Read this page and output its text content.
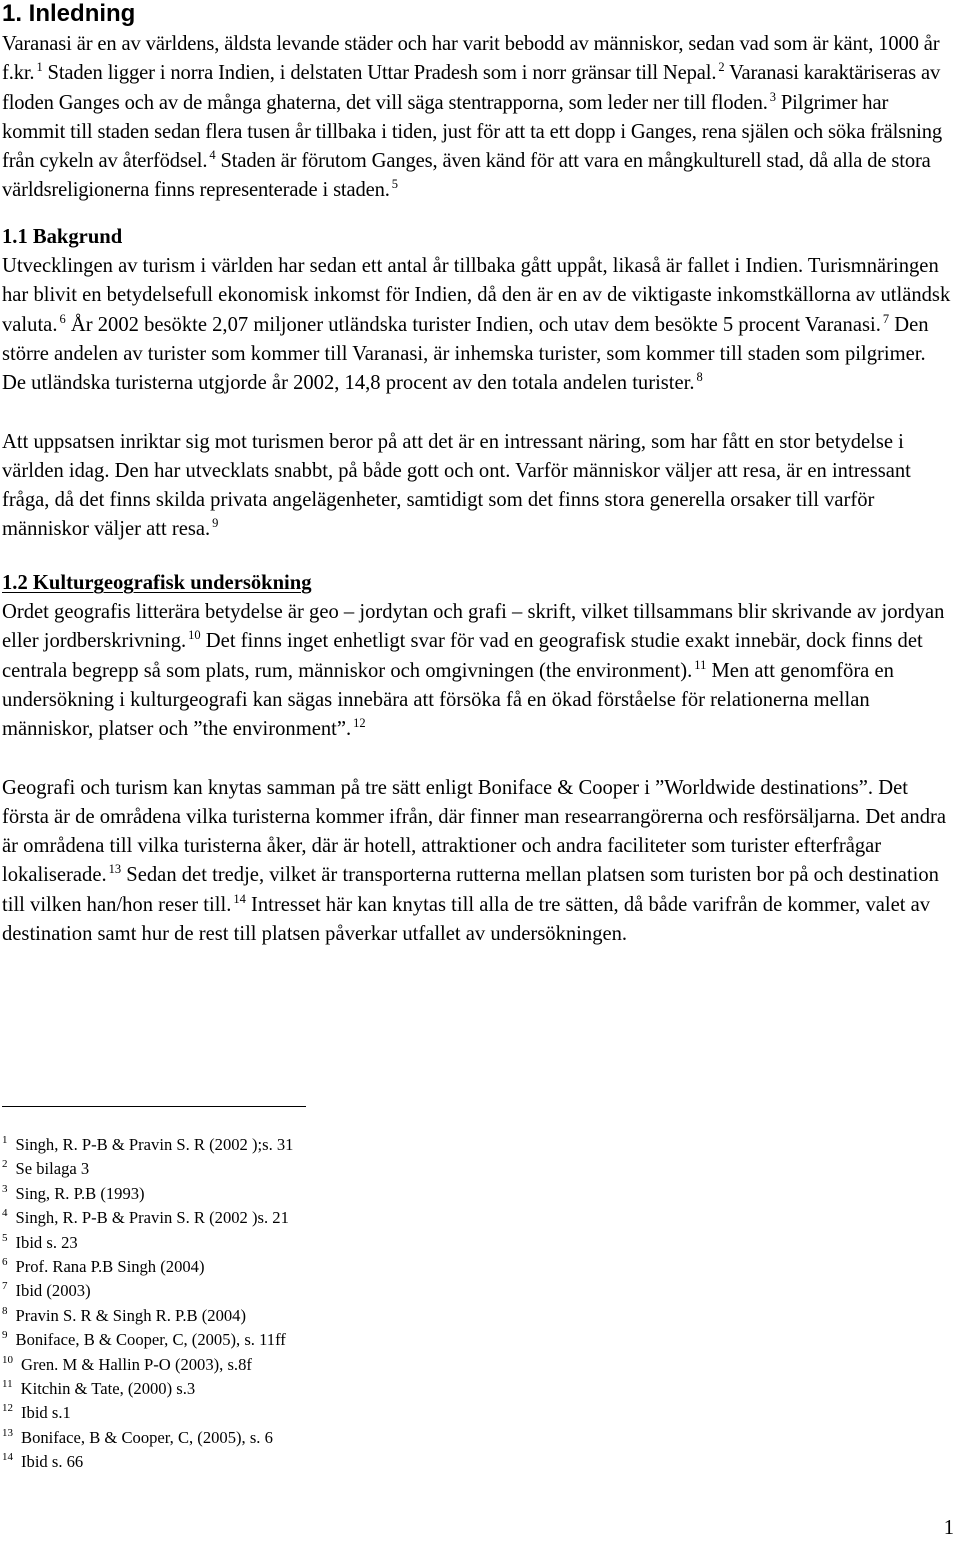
1. Inledning

Varanasi är en av världens, äldsta levande städer och har varit bebodd av människor, sedan vad som är känt, 1000 år f.kr. $^1$ Staden ligger i norra Indien, i delstaten Uttar Pradesh som i norr gränsar till Nepal. $^2$ Varanasi karaktäriseras av floden Ganges och av de många ghaterna, det vill säga stentrapporna, som leder ner till floden. $^3$ Pilgrimer har kommit till staden sedan flera tusen år tillbaka i tiden, just för att ta ett dopp i Ganges, rena själen och söka frälsning från cykeln av återfödsel. $^4$ Staden är förutom Ganges, även känd för att vara en mångkulturell stad, då alla de stora världsreligionerna finns representerade i staden. $^5$

1.1 Bakgrund

Utvecklingen av turism i världen har sedan ett antal år tillbaka gått uppåt, likaså är fallet i Indien. Turismnäringen har blivit en betydelsefull ekonomisk inkomst för Indien, då den är en av de viktigaste inkomstkällorna av utländsk valuta. $^6$ År 2002 besökte 2,07 miljoner utländska turister Indien, och utav dem besökte 5 procent Varanasi. $^7$ Den större andelen av turister som kommer till Varanasi, är inhemska turister, som kommer till staden som pilgrimer. De utländska turisterna utgjorde år 2002, 14,8 procent av den totala andelen turister. $^8$

Att uppsatsen inriktar sig mot turismen beror på att det är en intressant näring, som har fått en stor betydelse i världen idag. Den har utvecklats snabbt, på både gott och ont. Varför människor väljer att resa, är en intressant fråga, då det finns skilda privata angelägenheter, samtidigt som det finns stora generella orsaker till varför människor väljer att resa. $^9$

1.2 Kulturgeografisk undersökning

Ordet geografis litterära betydelse är geo – jordytan och grafi – skrift, vilket tillsammans blir skrivande av jordyan eller jordberskrivning. $^{10}$ Det finns inget enhetligt svar för vad en geografisk studie exakt innebär, dock finns det centrala begrepp så som plats, rum, människor och omgivningen (the environment). $^{11}$ Men att genomföra en undersökning i kulturgeografi kan sägas innebära att försöka få en ökad förståelse för relationerna mellan människor, platser och ”the environment”. $^{12}$

Geografi och turism kan knytas samman på tre sätt enligt Boniface & Cooper i ”Worldwide destinations”. Det första är de områdena vilka turisterna kommer ifrån, där finner man researrangörerna och resförsäljarna. Det andra är områdena till vilka turisterna åker, där är hotell, attraktioner och andra faciliteter som turister efterfrågar lokaliserade. $^{13}$ Sedan det tredje, vilket är transporterna rutterna mellan platsen som turisten bor på och destination till vilken han/hon reser till. $^{14}$ Intresset här kan knytas till alla de tre sätten, då både varifrån de kommer, valet av destination samt hur de rest till platsen påverkar utfallet av undersökningen.

$^1$ Singh, R. P-B & Pravin S. R (2002 );s. 31
$^2$ Se bilaga 3
$^3$ Sing, R. P.B (1993)
$^4$ Singh, R. P-B & Pravin S. R (2002 )s. 21
$^5$ Ibid s. 23
$^6$ Prof. Rana P.B Singh (2004)
$^7$ Ibid (2003)
$^8$ Pravin S. R & Singh R. P.B (2004)
$^9$ Boniface, B & Cooper, C, (2005), s. 11ff
$^{10}$ Gren. M & Hallin P-O (2003), s.8f
$^{11}$ Kitchin & Tate, (2000) s.3
$^{12}$ Ibid s.1
$^{13}$ Boniface, B & Cooper, C, (2005), s. 6
$^{14}$ Ibid s. 66
1
